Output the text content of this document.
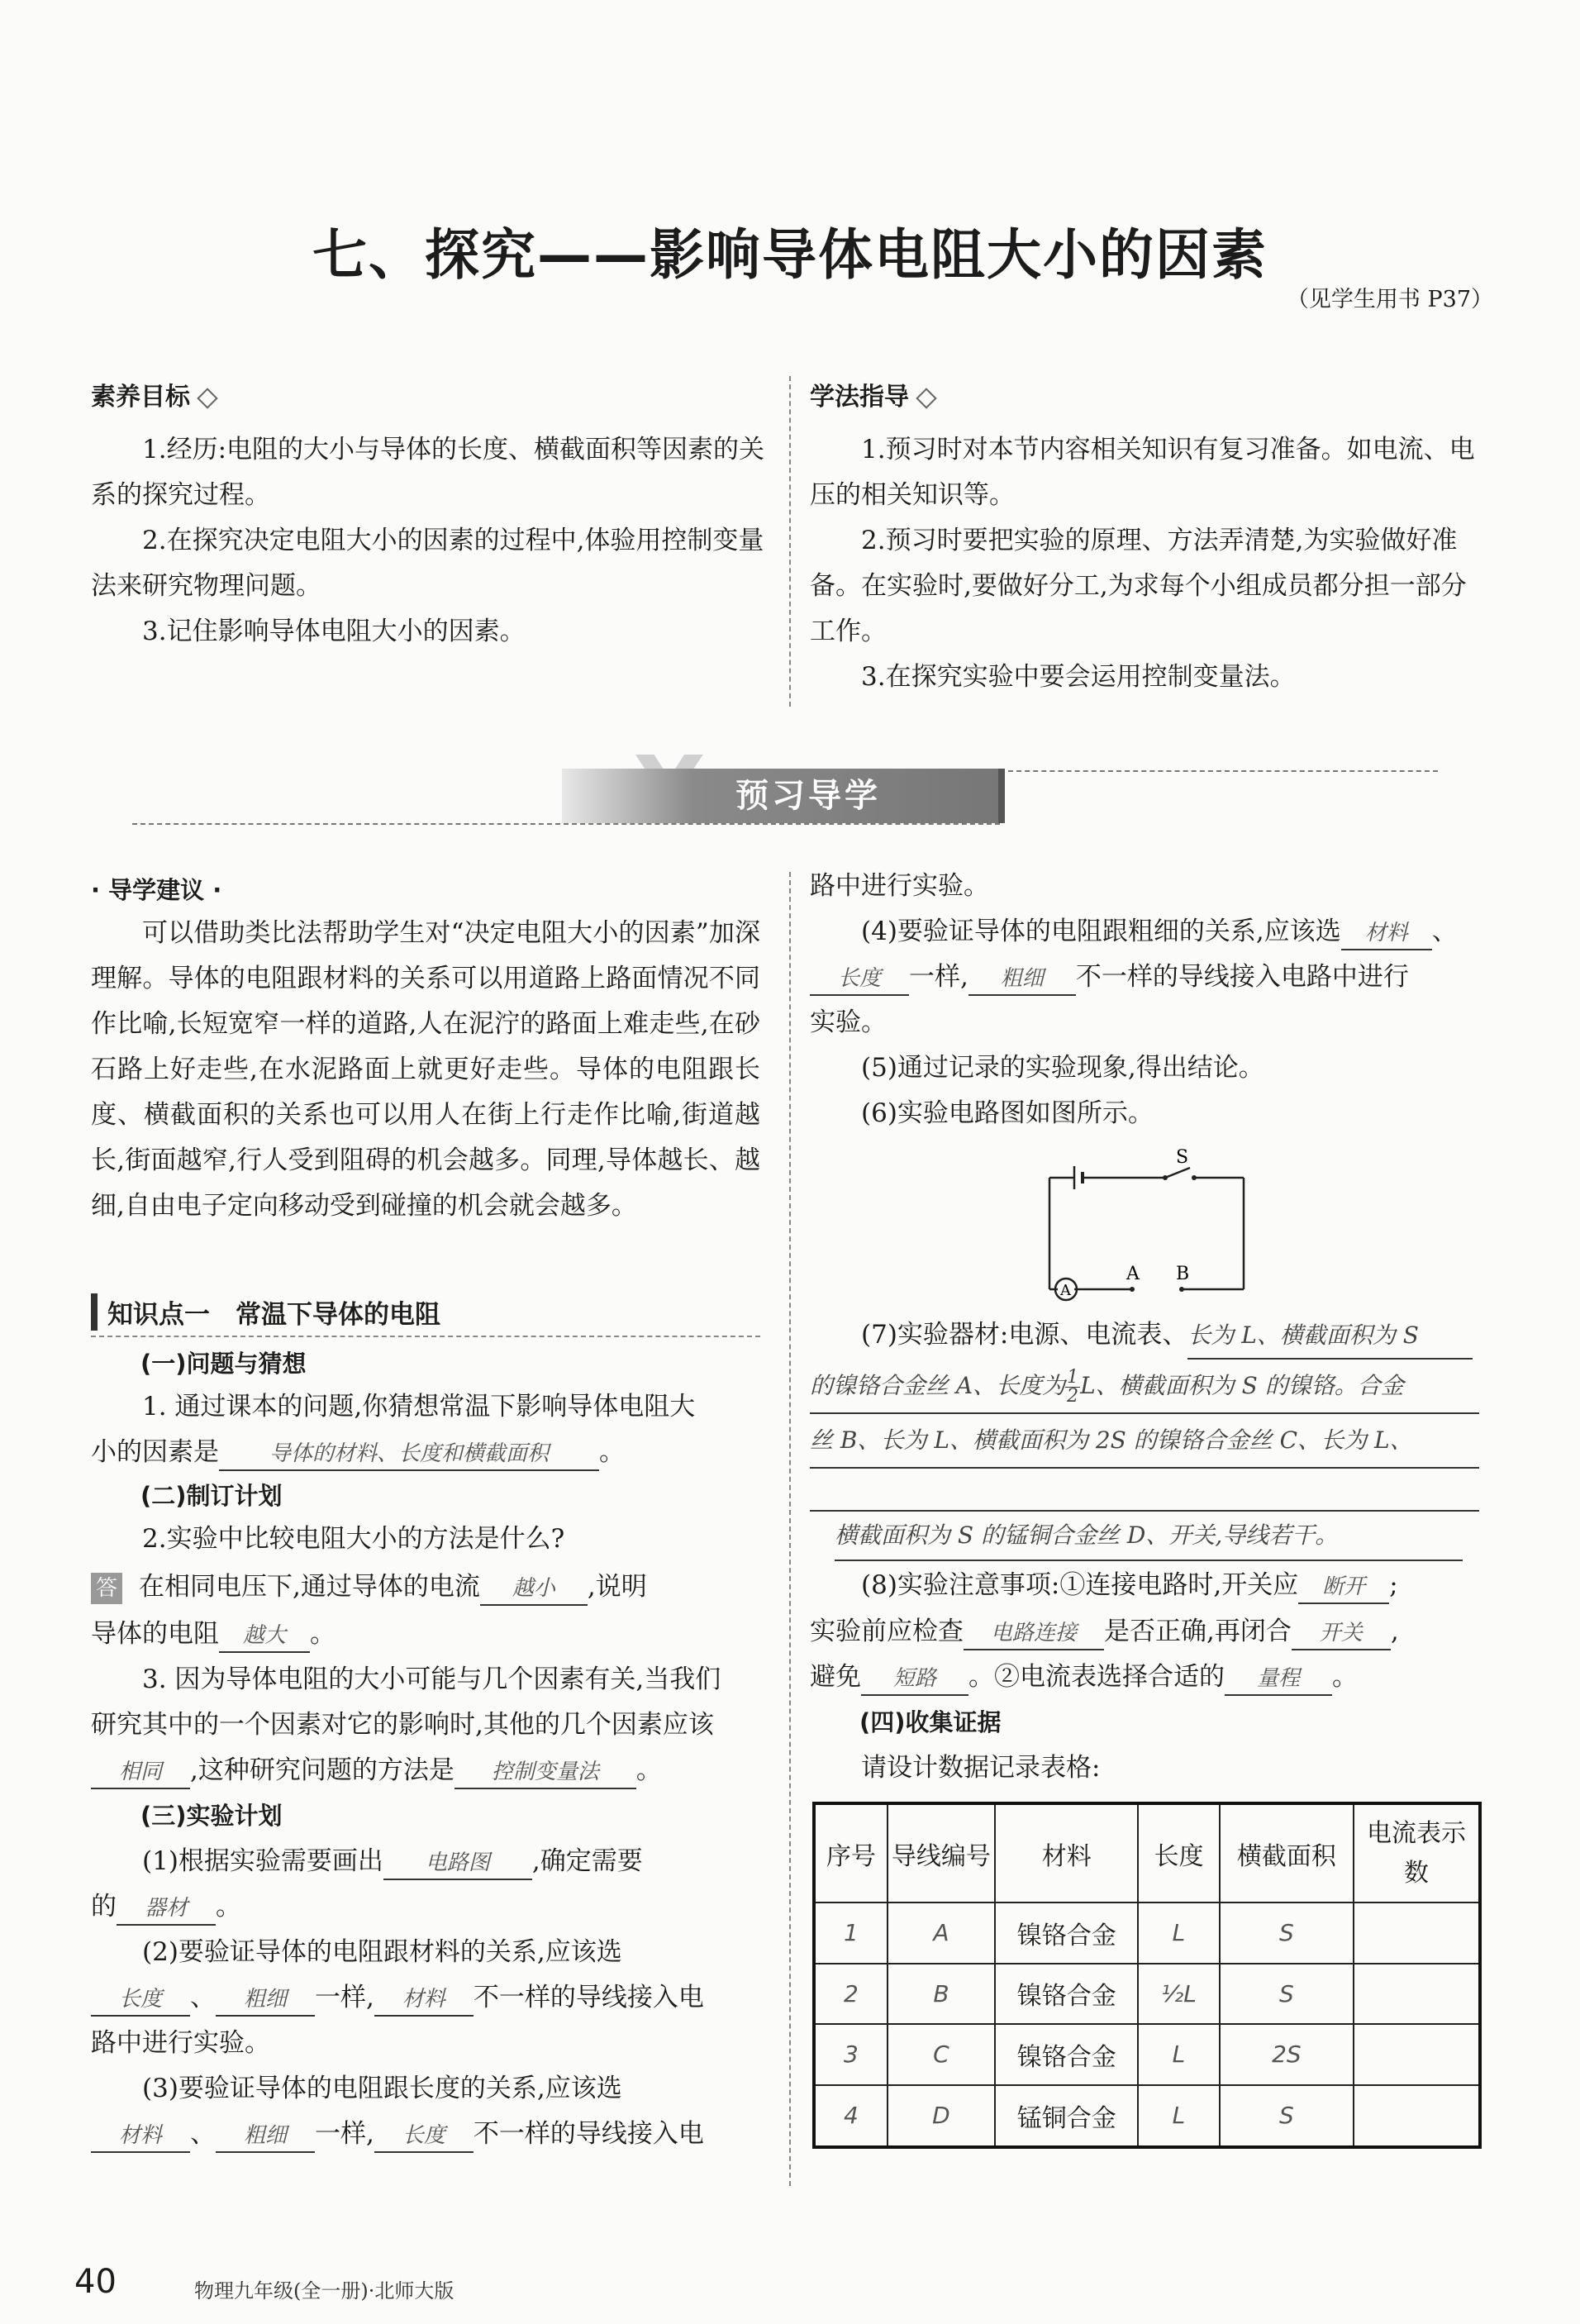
七、探究——影响导体电阻大小的因素
（见学生用书 P37）
素养目标

1.经历:电阻的大小与导体的长度、横截面积等因素的关系的探究过程。

2.在探究决定电阻大小的因素的过程中,体验用控制变量法来研究物理问题。

3.记住影响导体电阻大小的因素。

学法指导

1.预习时对本节内容相关知识有复习准备。如电流、电压的相关知识等。

2.预习时要把实验的原理、方法弄清楚,为实验做好准备。在实验时,要做好分工,为求每个小组成员都分担一部分工作。

3.在探究实验中要会运用控制变量法。

预习导学
· 导学建议 ·

可以借助类比法帮助学生对“决定电阻大小的因素”加深理解。导体的电阻跟材料的关系可以用道路上路面情况不同作比喻,长短宽窄一样的道路,人在泥泞的路面上难走些,在砂石路上好走些,在水泥路面上就更好走些。导体的电阻跟长度、横截面积的关系也可以用人在街上行走作比喻,街道越长,街面越窄,行人受到阻碍的机会越多。同理,导体越长、越细,自由电子定向移动受到碰撞的机会就会越多。

知识点一　常温下导体的电阻
(一)问题与猜想
1. 通过课本的问题,你猜想常温下影响导体电阻大
小的因素是 导体的材料、长度和横截面积 。
(二)制订计划
2.实验中比较电阻大小的方法是什么?
答 在相同电压下,通过导体的电流 越小 ,说明
导体的电阻 越大 。
3. 因为导体电阻的大小可能与几个因素有关,当我们
研究其中的一个因素对它的影响时,其他的几个因素应该
相同 ,这种研究问题的方法是 控制变量法 。
(三)实验计划
(1)根据实验需要画出 电路图 ,确定需要
的 器材 。
(2)要验证导体的电阻跟材料的关系,应该选
长度 、 粗细 一样, 材料 不一样的导线接入电
路中进行实验。
(3)要验证导体的电阻跟长度的关系,应该选
材料 、 粗细 一样, 长度 不一样的导线接入电
路中进行实验。
(4)要验证导体的电阻跟粗细的关系,应该选 材料 、
长度 一样, 粗细 不一样的导线接入电路中进行
实验。
(5)通过记录的实验现象,得出结论。
(6)实验电路图如图所示。
S
A
A B
(7)实验器材:电源、电流表、长为 L、横截面积为 S
的镍铬合金丝 A、长度为 $\frac{1}{2}$ L、横截面积为 S 的镍铬。合金
丝 B、长为 L、横截面积为 2S 的镍铬合金丝 C、长为 L、
横截面积为 S 的锰铜合金丝 D、开关,导线若干。
(8)实验注意事项:①连接电路时,开关应 断开 ;
实验前应检查 电路连接 是否正确,再闭合 开关 ,
避免 短路 。②电流表选择合适的 量程 。
(四)收集证据
请设计数据记录表格:
序号	导线编号	材料	长度	横截面积	电流表示数
1	A	镍铬合金	L	S	
2	B	镍铬合金	½L	S	
3	C	镍铬合金	L	2S	
4	D	锰铜合金	L	S	
40	物理九年级(全一册)·北师大版
